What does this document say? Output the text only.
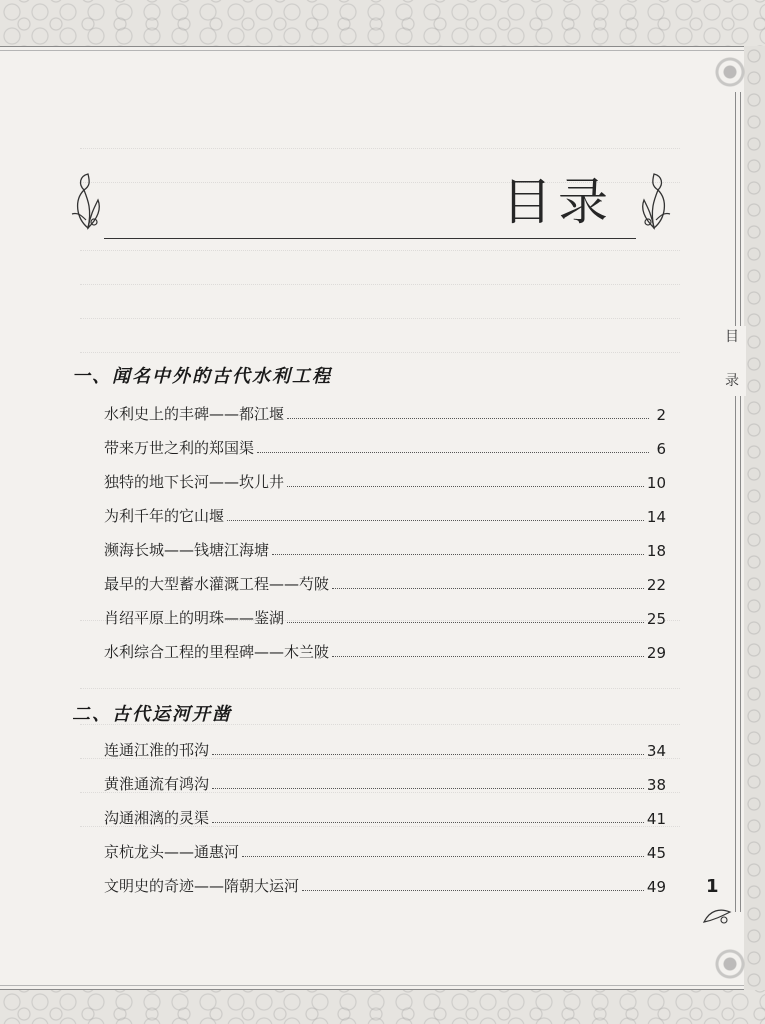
目录
目
录
一、闻名中外的古代水利工程
水利史上的丰碑——都江堰	2
带来万世之利的郑国渠	6
独特的地下长河——坎儿井	10
为利千年的它山堰	14
濒海长城——钱塘江海塘	18
最早的大型蓄水灌溉工程——芍陂	22
肖绍平原上的明珠——鉴湖	25
水利综合工程的里程碑——木兰陂	29
二、古代运河开凿
连通江淮的邗沟	34
黄淮通流有鸿沟	38
沟通湘漓的灵渠	41
京杭龙头——通惠河	45
文明史的奇迹——隋朝大运河	49 1
